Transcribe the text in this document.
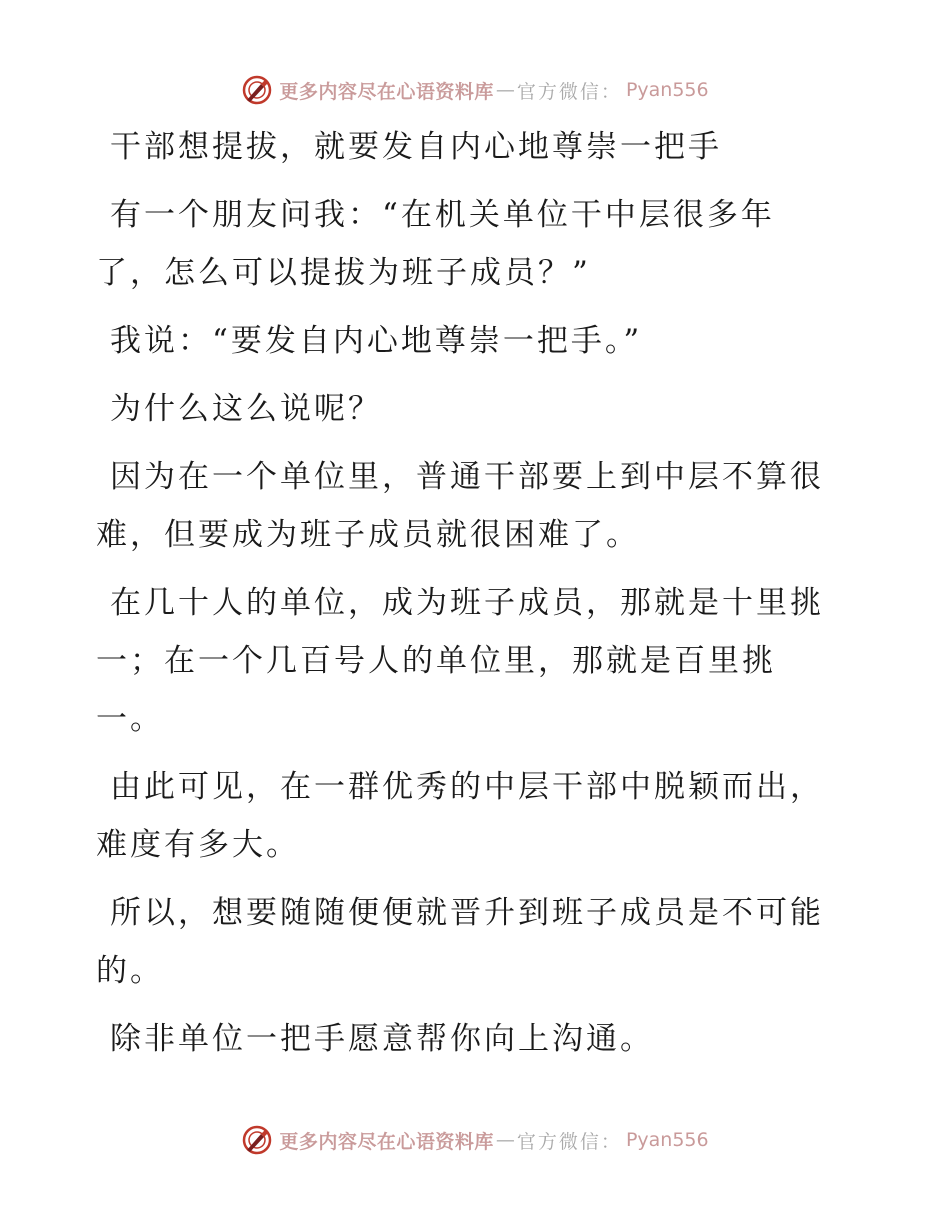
更多内容尽在心语资料库 — 官方微信： Pyan556

干部想提拔，就要发自内心地尊崇一把手

有一个朋友问我：“在机关单位干中层很多年了，怎么可以提拔为班子成员？”

我说：“要发自内心地尊崇一把手。”

为什么这么说呢？

因为在一个单位里，普通干部要上到中层不算很难，但要成为班子成员就很困难了。

在几十人的单位，成为班子成员，那就是十里挑一；在一个几百号人的单位里，那就是百里挑一。

由此可见，在一群优秀的中层干部中脱颖而出，难度有多大。

所以，想要随随便便就晋升到班子成员是不可能的。

除非单位一把手愿意帮你向上沟通。

更多内容尽在心语资料库 — 官方微信： Pyan556
